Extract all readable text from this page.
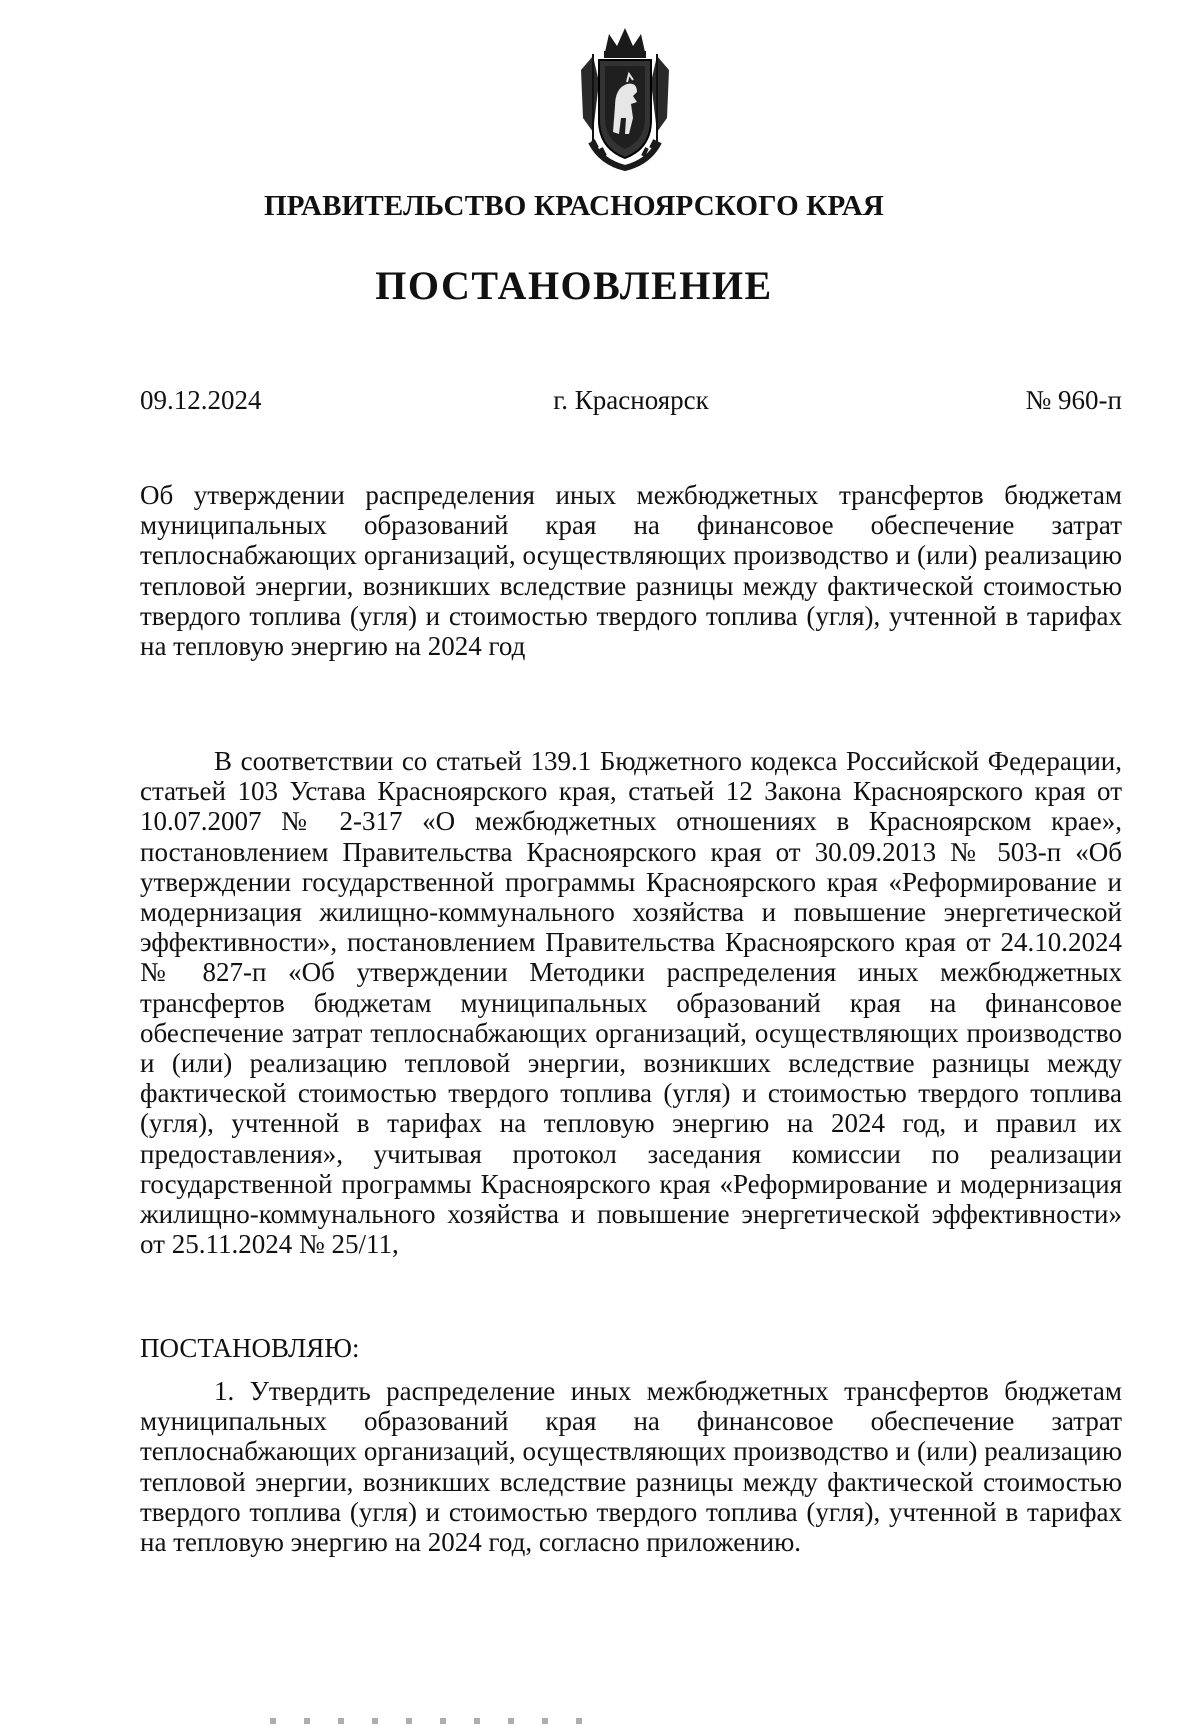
ПРАВИТЕЛЬСТВО КРАСНОЯРСКОГО КРАЯ
ПОСТАНОВЛЕНИЕ
г. Красноярск
09.12.2024	№ 960-п

Об утверждении распределения иных межбюджетных трансфертов бюджетам муниципальных образований края на финансовое обеспечение затрат теплоснабжающих организаций, осуществляющих производство и (или) реализацию тепловой энергии, возникших вследствие разницы между фактической стоимостью твердого топлива (угля) и стоимостью твердого топлива (угля), учтенной в тарифах на тепловую энергию на 2024 год

В соответствии со статьей 139.1 Бюджетного кодекса Российской Федерации, статьей 103 Устава Красноярского края, статьей 12 Закона Красноярского края от 10.07.2007 № 2-317 «О межбюджетных отношениях в Красноярском крае», постановлением Правительства Красноярского края от 30.09.2013 № 503-п «Об утверждении государственной программы Красноярского края «Реформирование и модернизация жилищно-коммунального хозяйства и повышение энергетической эффективности», постановлением Правительства Красноярского края от 24.10.2024 № 827-п «Об утверждении Методики распределения иных межбюджетных трансфертов бюджетам муниципальных образований края на финансовое обеспечение затрат теплоснабжающих организаций, осуществляющих производство и (или) реализацию тепловой энергии, возникших вследствие разницы между фактической стоимостью твердого топлива (угля) и стоимостью твердого топлива (угля), учтенной в тарифах на тепловую энергию на 2024 год, и правил их предоставления», учитывая протокол заседания комиссии по реализации государственной программы Красноярского края «Реформирование и модернизация жилищно-коммунального хозяйства и повышение энергетической эффективности» от 25.11.2024 № 25/11,

ПОСТАНОВЛЯЮ:

1. Утвердить распределение иных межбюджетных трансфертов бюджетам муниципальных образований края на финансовое обеспечение затрат теплоснабжающих организаций, осуществляющих производство и (или) реализацию тепловой энергии, возникших вследствие разницы между фактической стоимостью твердого топлива (угля) и стоимостью твердого топлива (угля), учтенной в тарифах на тепловую энергию на 2024 год, согласно приложению.
